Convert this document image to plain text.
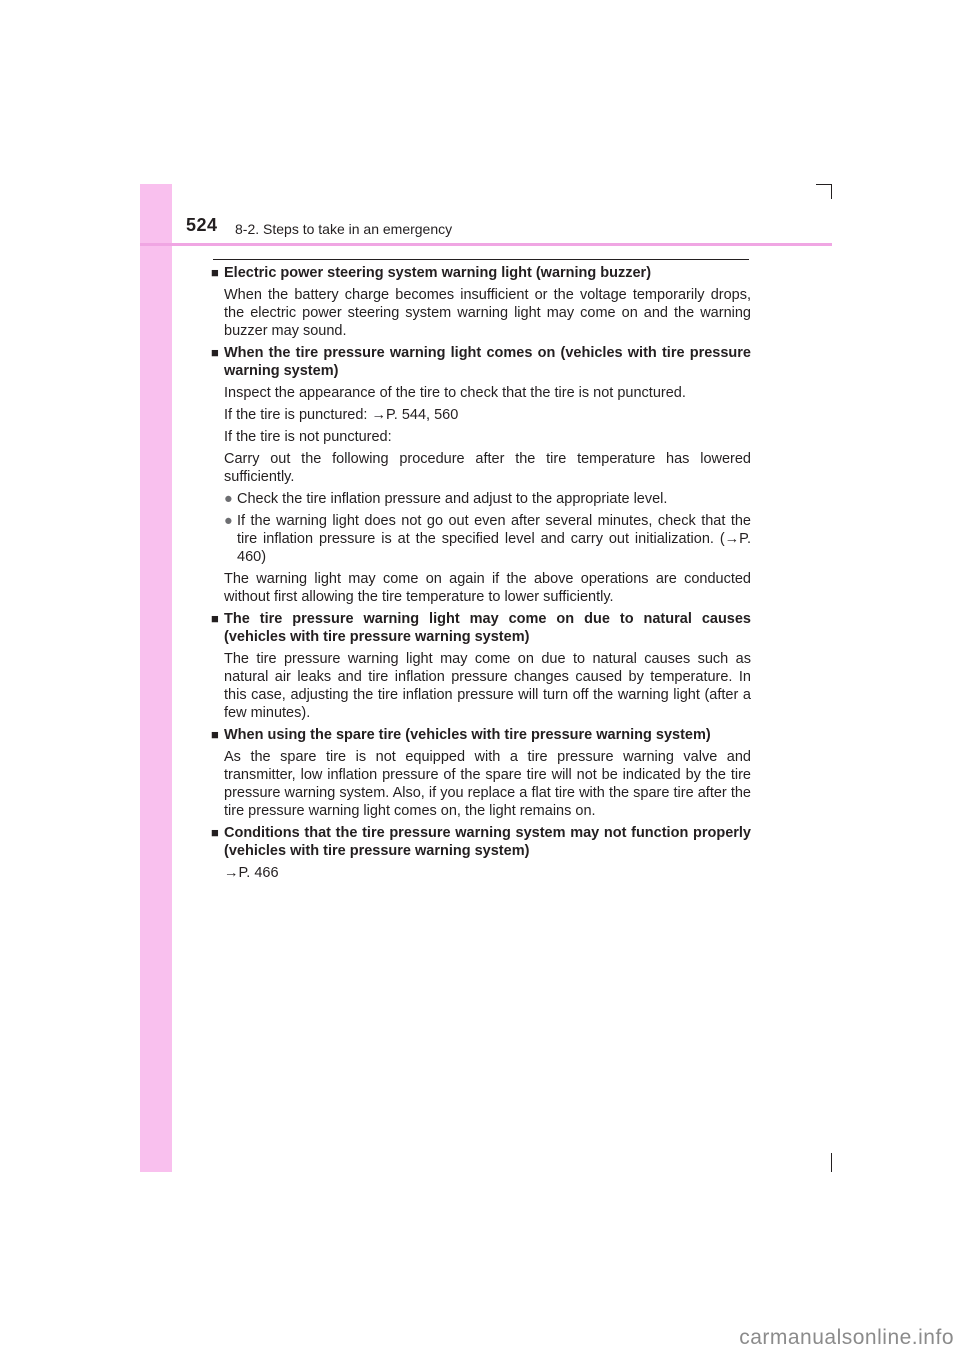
524 8-2. Steps to take in an emergency
■ Electric power steering system warning light (warning buzzer)
When the battery charge becomes insufficient or the voltage temporarily drops, the electric power steering system warning light may come on and the warning buzzer may sound.
■ When the tire pressure warning light comes on (vehicles with tire pressure warning system)
Inspect the appearance of the tire to check that the tire is not punctured.
If the tire is punctured: →P. 544, 560
If the tire is not punctured:
Carry out the following procedure after the tire temperature has lowered sufficiently.
● Check the tire inflation pressure and adjust to the appropriate level.
● If the warning light does not go out even after several minutes, check that the tire inflation pressure is at the specified level and carry out initialization. (→P. 460)
The warning light may come on again if the above operations are conducted without first allowing the tire temperature to lower sufficiently.
■ The tire pressure warning light may come on due to natural causes (vehicles with tire pressure warning system)
The tire pressure warning light may come on due to natural causes such as natural air leaks and tire inflation pressure changes caused by temperature. In this case, adjusting the tire inflation pressure will turn off the warning light (after a few minutes).
■ When using the spare tire (vehicles with tire pressure warning system)
As the spare tire is not equipped with a tire pressure warning valve and transmitter, low inflation pressure of the spare tire will not be indicated by the tire pressure warning system. Also, if you replace a flat tire with the spare tire after the tire pressure warning light comes on, the light remains on.
■ Conditions that the tire pressure warning system may not function properly (vehicles with tire pressure warning system)
→P. 466
carmanualsonline.info
